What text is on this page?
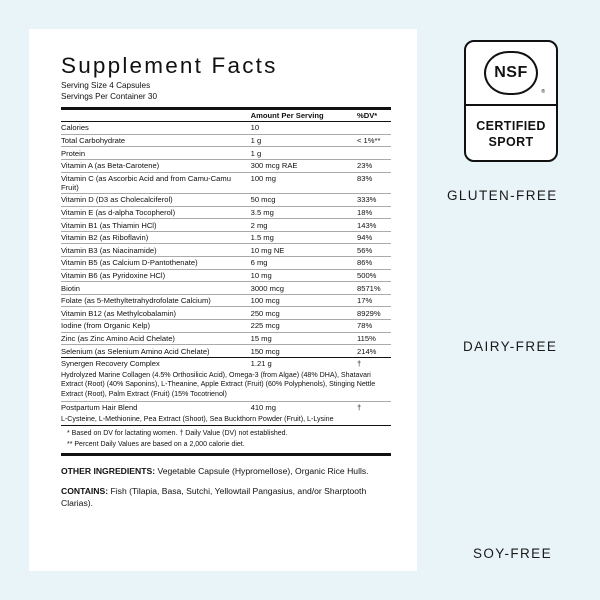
Supplement Facts
Serving Size 4 Capsules
Servings Per Container 30
	Amount Per Serving	%DV*
Calories	10	
Total Carbohydrate	1 g	< 1%**
Protein	1 g	
Vitamin A (as Beta-Carotene)	300 mcg RAE	23%
Vitamin C (as Ascorbic Acid and from Camu-Camu Fruit)	100 mg	83%
Vitamin D (D3 as Cholecalciferol)	50 mcg	333%
Vitamin E (as d-alpha Tocopherol)	3.5 mg	18%
Vitamin B1 (as Thiamin HCl)	2 mg	143%
Vitamin B2 (as Riboflavin)	1.5 mg	94%
Vitamin B3 (as Niacinamide)	10 mg NE	56%
Vitamin B5 (as Calcium D-Pantothenate)	6 mg	86%
Vitamin B6 (as Pyridoxine HCl)	10 mg	500%
Biotin	3000 mcg	8571%
Folate (as 5-Methyltetrahydrofolate Calcium)	100 mcg	17%
Vitamin B12 (as Methylcobalamin)	250 mcg	8929%
Iodine (from Organic Kelp)	225 mcg	78%
Zinc (as Zinc Amino Acid Chelate)	15 mg	115%
Selenium (as Selenium Amino Acid Chelate)	150 mcg	214%
Synergen Recovery Complex	1.21 g	†
Hydrolyzed Marine Collagen (4.5% Orthosilicic Acid), Omega-3 (from Algae) (48% DHA), Shatavari Extract (Root) (40% Saponins), L-Theanine, Apple Extract (Fruit) (60% Polyphenols), Stinging Nettle Extract (Root), Palm Extract (Fruit) (15% Tocotrienol)		
Postpartum Hair Blend	410 mg	†
L-Cysteine, L-Methionine, Pea Extract (Shoot), Sea Buckthorn Powder (Fruit), L-Lysine		
* Based on DV for lactating women. † Daily Value (DV) not established.
** Percent Daily Values are based on a 2,000 calorie diet.

OTHER INGREDIENTS: Vegetable Capsule (Hypromellose), Organic Rice Hulls.

CONTAINS: Fish (Tilapia, Basa, Sutchi, Yellowtail Pangasius, and/or Sharptooth Clarias).

NSF
®
CERTIFIED
SPORT
GLUTEN-FREE
DAIRY-FREE
SOY-FREE
